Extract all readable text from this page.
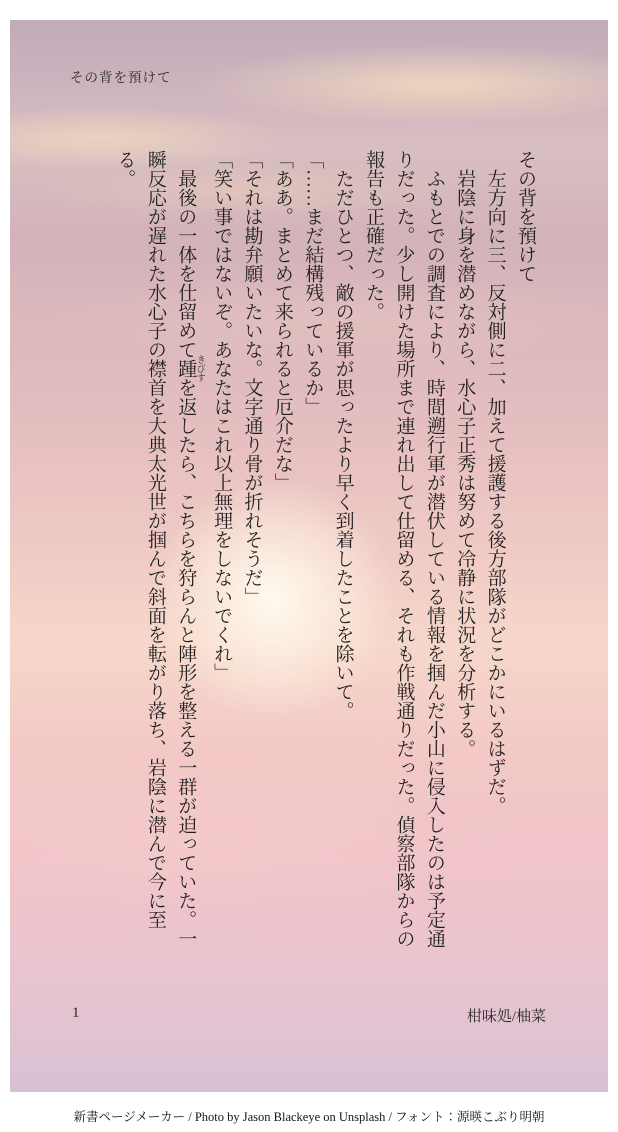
その背を預けて
その背を預けて
左方向に三、反対側に二、加えて援護する後方部隊がどこかにいるはずだ。
岩陰に身を潜めながら、水心子正秀は努めて冷静に状況を分析する。
ふもとでの調査により、時間遡行軍が潜伏している情報を掴んだ小山に侵入したのは予定通りだった。少し開けた場所まで連れ出して仕留める、それも作戦通りだった。偵察部隊からの報告も正確だった。
ただひとつ、敵の援軍が思ったより早く到着したことを除いて。
「……まだ結構残っているか」
「ああ。まとめて来られると厄介だな」
「それは勘弁願いたいな。文字通り骨が折れそうだ」
「笑い事ではないぞ。あなたはこれ以上無理をしないでくれ」
最後の一体を仕留めて踵 きびすを返したら、こちらを狩らんと陣形を整える一群が迫っていた。一瞬反応が遅れた水心子の襟首を大典太光世が掴んで斜面を転がり落ち、岩陰に潜んで今に至る。
1	柑味処/柚菜
新書ページメーカー / Photo by Jason Blackeye on Unsplash / フォント：源暎こぶり明朝
